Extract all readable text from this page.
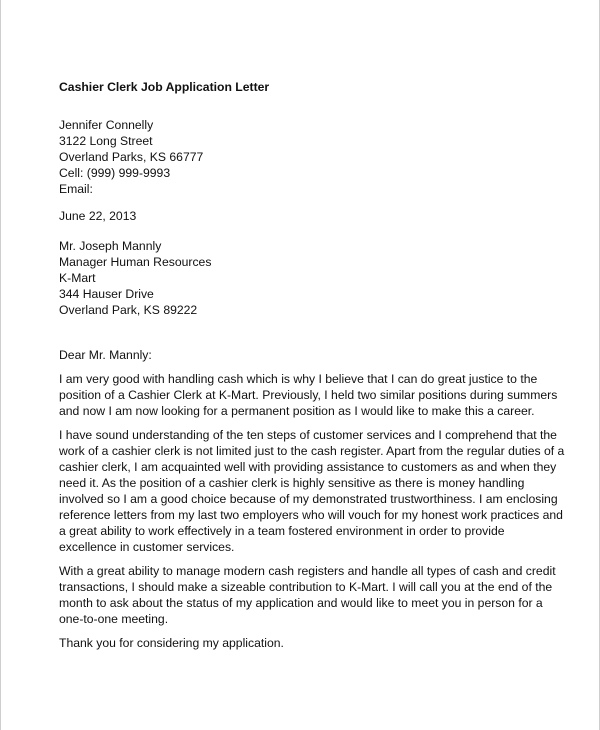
Cashier Clerk Job Application Letter

Jennifer Connelly
3122 Long Street
Overland Parks, KS 66777
Cell: (999) 999-9993
Email:
June 22, 2013
Mr. Joseph Mannly
Manager Human Resources
K-Mart
344 Hauser Drive
Overland Park, KS 89222
Dear Mr. Mannly:
I am very good with handling cash which is why I believe that I can do great justice to the
position of a Cashier Clerk at K-Mart. Previously, I held two similar positions during summers
and now I am now looking for a permanent position as I would like to make this a career.
I have sound understanding of the ten steps of customer services and I comprehend that the
work of a cashier clerk is not limited just to the cash register. Apart from the regular duties of a
cashier clerk, I am acquainted well with providing assistance to customers as and when they
need it. As the position of a cashier clerk is highly sensitive as there is money handling
involved so I am a good choice because of my demonstrated trustworthiness. I am enclosing
reference letters from my last two employers who will vouch for my honest work practices and
a great ability to work effectively in a team fostered environment in order to provide
excellence in customer services.
With a great ability to manage modern cash registers and handle all types of cash and credit
transactions, I should make a sizeable contribution to K-Mart. I will call you at the end of the
month to ask about the status of my application and would like to meet you in person for a
one-to-one meeting.
Thank you for considering my application.
